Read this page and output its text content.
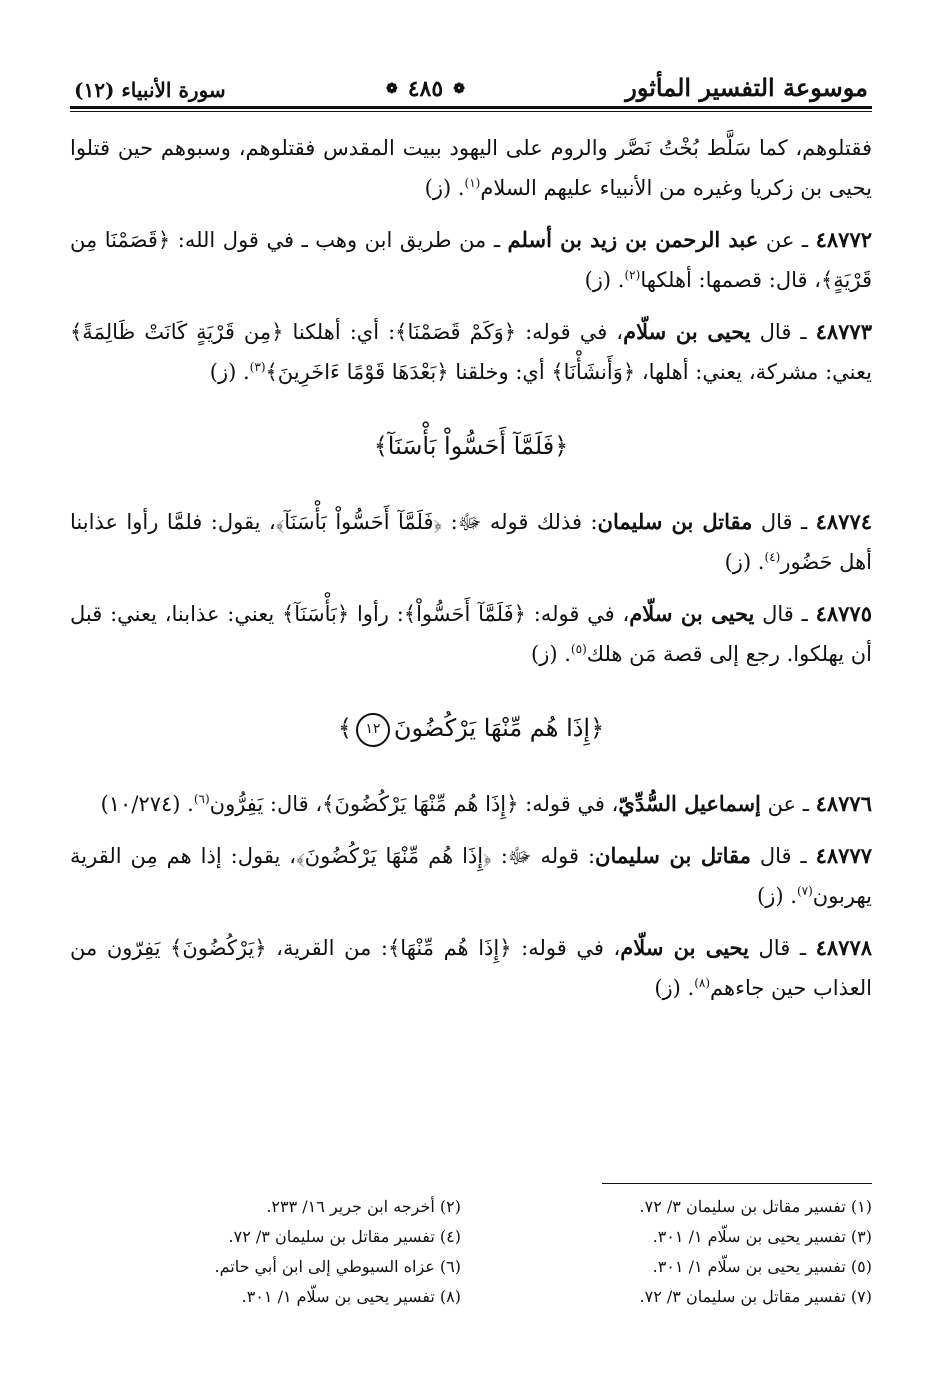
موسوعة التفسير المأثور
❁
٤٨٥
❁
سورة الأنبياء (١٢)

فقتلوهم، كما سَلَّط بُخْتُ نَصَّر والروم على اليهود ببيت المقدس فقتلوهم، وسبوهم حين قتلوا يحيى بن زكريا وغيره من الأنبياء عليهم السلام$^{(١)}$. (ز)

٤٨٧٧٢ ـ عن عبد الرحمن بن زيد بن أسلم ـ من طريق ابن وهب ـ في قول الله: ﴿قَصَمْنَا مِن قَرْيَةٍ﴾، قال: قصمها: أهلكها$^{(٢)}$. (ز)

٤٨٧٧٣ ـ قال يحيى بن سلّام، في قوله: ﴿وَكَمْ قَصَمْنَا﴾: أي: أهلكنا ﴿مِن قَرْيَةٍ كَانَتْ ظَالِمَةً﴾ يعني: مشركة، يعني: أهلها، ﴿وَأَنشَأْنَا﴾ أي: وخلقنا ﴿بَعْدَهَا قَوْمًا ءَاخَرِينَ﴾$^{(٣)}$. (ز)

﴿فَلَمَّآ أَحَسُّواْ بَأْسَنَآ﴾

٤٨٧٧٤ ـ قال مقاتل بن سليمان: فذلك قوله ﷻ: ﴿فَلَمَّآ أَحَسُّواْ بَأْسَنَآ﴾، يقول: فلمَّا رأوا عذابنا أهل حَضُور$^{(٤)}$. (ز)

٤٨٧٧٥ ـ قال يحيى بن سلّام، في قوله: ﴿فَلَمَّآ أَحَسُّواْ﴾: رأوا ﴿بَأْسَنَآ﴾ يعني: عذابنا، يعني: قبل أن يهلكوا. رجع إلى قصة مَن هلك$^{(٥)}$. (ز)

﴿إِذَا هُم مِّنْهَا يَرْكُضُونَ١٢﴾

٤٨٧٧٦ ـ عن إسماعيل السُّدِّيّ، في قوله: ﴿إِذَا هُم مِّنْهَا يَرْكُضُونَ﴾، قال: يَفِرُّون$^{(٦)}$. (١٠/٢٧٤)

٤٨٧٧٧ ـ قال مقاتل بن سليمان: قوله ﷻ: ﴿إِذَا هُم مِّنْهَا يَرْكُضُونَ﴾، يقول: إذا هم مِن القرية يهربون$^{(٧)}$. (ز)

٤٨٧٧٨ ـ قال يحيى بن سلّام، في قوله: ﴿إِذَا هُم مِّنْهَا﴾: من القرية، ﴿يَرْكُضُونَ﴾ يَفِرّون من العذاب حين جاءهم$^{(٨)}$. (ز)

(١) تفسير مقاتل بن سليمان ٣/ ٧٢.
(٢) أخرجه ابن جرير ١٦/ ٢٣٣.
(٣) تفسير يحيى بن سلّام ١/ ٣٠١.
(٤) تفسير مقاتل بن سليمان ٣/ ٧٢.
(٥) تفسير يحيى بن سلّام ١/ ٣٠١.
(٦) عزاه السيوطي إلى ابن أبي حاتم.
(٧) تفسير مقاتل بن سليمان ٣/ ٧٢.
(٨) تفسير يحيى بن سلّام ١/ ٣٠١.
